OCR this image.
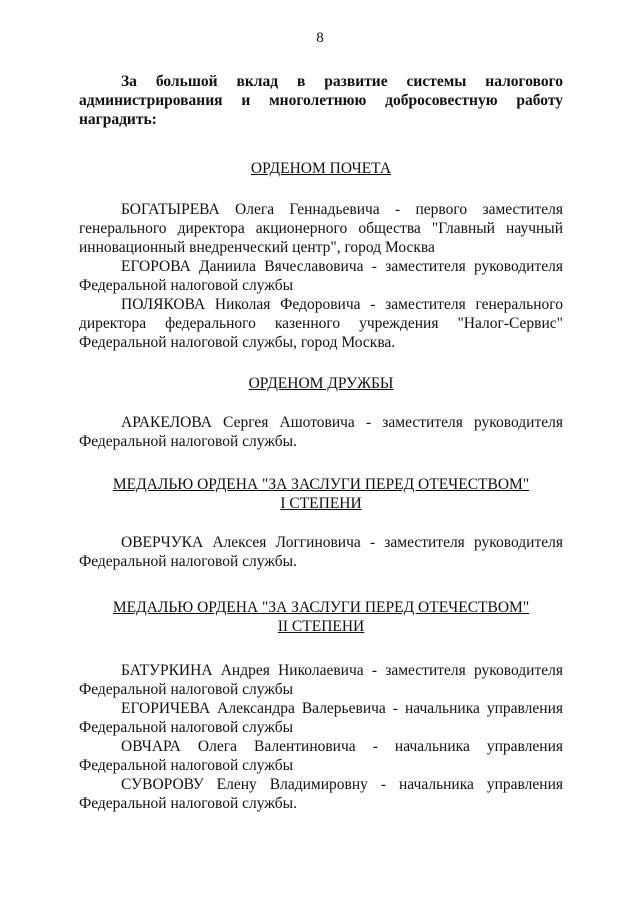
8

За большой вклад в развитие системы налогового администрирования и многолетнюю добросовестную работу наградить:

ОРДЕНОМ ПОЧЕТА

БОГАТЫРЕВА Олега Геннадьевича - первого заместителя генерального директора акционерного общества "Главный научный инновационный внедренческий центр", город Москва

ЕГОРОВА Даниила Вячеславовича - заместителя руководителя Федеральной налоговой службы

ПОЛЯКОВА Николая Федоровича - заместителя генерального директора федерального казенного учреждения "Налог-Сервис" Федеральной налоговой службы, город Москва.

ОРДЕНОМ ДРУЖБЫ

АРАКЕЛОВА Сергея Ашотовича - заместителя руководителя Федеральной налоговой службы.

МЕДАЛЬЮ ОРДЕНА "ЗА ЗАСЛУГИ ПЕРЕД ОТЕЧЕСТВОМ"

I СТЕПЕНИ

ОВЕРЧУКА Алексея Логгиновича - заместителя руководителя Федеральной налоговой службы.

МЕДАЛЬЮ ОРДЕНА "ЗА ЗАСЛУГИ ПЕРЕД ОТЕЧЕСТВОМ"

II СТЕПЕНИ

БАТУРКИНА Андрея Николаевича - заместителя руководителя Федеральной налоговой службы

ЕГОРИЧЕВА Александра Валерьевича - начальника управления Федеральной налоговой службы

ОВЧАРА Олега Валентиновича - начальника управления Федеральной налоговой службы

СУВОРОВУ Елену Владимировну - начальника управления Федеральной налоговой службы.
